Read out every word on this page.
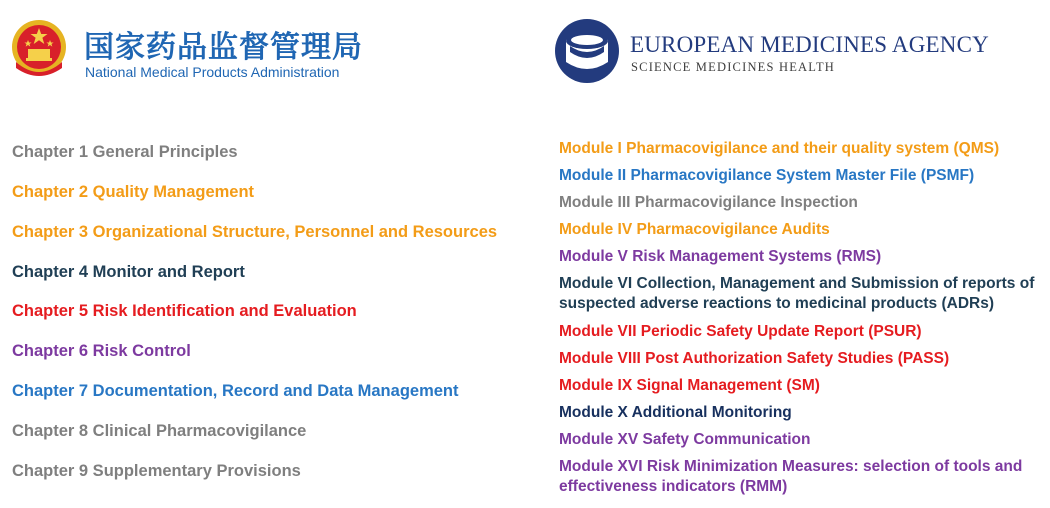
国家药品监督管理局
National Medical Products Administration
EUROPEAN MEDICINES AGENCY
SCIENCE MEDICINES HEALTH
Chapter 1 General Principles
Chapter 2 Quality Management
Chapter 3 Organizational Structure, Personnel and Resources
Chapter 4 Monitor and Report
Chapter 5 Risk Identification and Evaluation
Chapter 6 Risk Control
Chapter 7 Documentation, Record and Data Management
Chapter 8 Clinical Pharmacovigilance
Chapter 9 Supplementary Provisions
Module I Pharmacovigilance and their quality system (QMS)
Module II Pharmacovigilance System Master File (PSMF)
Module III Pharmacovigilance Inspection
Module IV Pharmacovigilance Audits
Module V Risk Management Systems (RMS)
Module VI Collection, Management and Submission of reports of suspected adverse reactions to medicinal products (ADRs)
Module VII Periodic Safety Update Report (PSUR)
Module VIII Post Authorization Safety Studies (PASS)
Module IX Signal Management (SM)
Module X Additional Monitoring
Module XV Safety Communication
Module XVI Risk Minimization Measures: selection of tools and effectiveness indicators (RMM)
